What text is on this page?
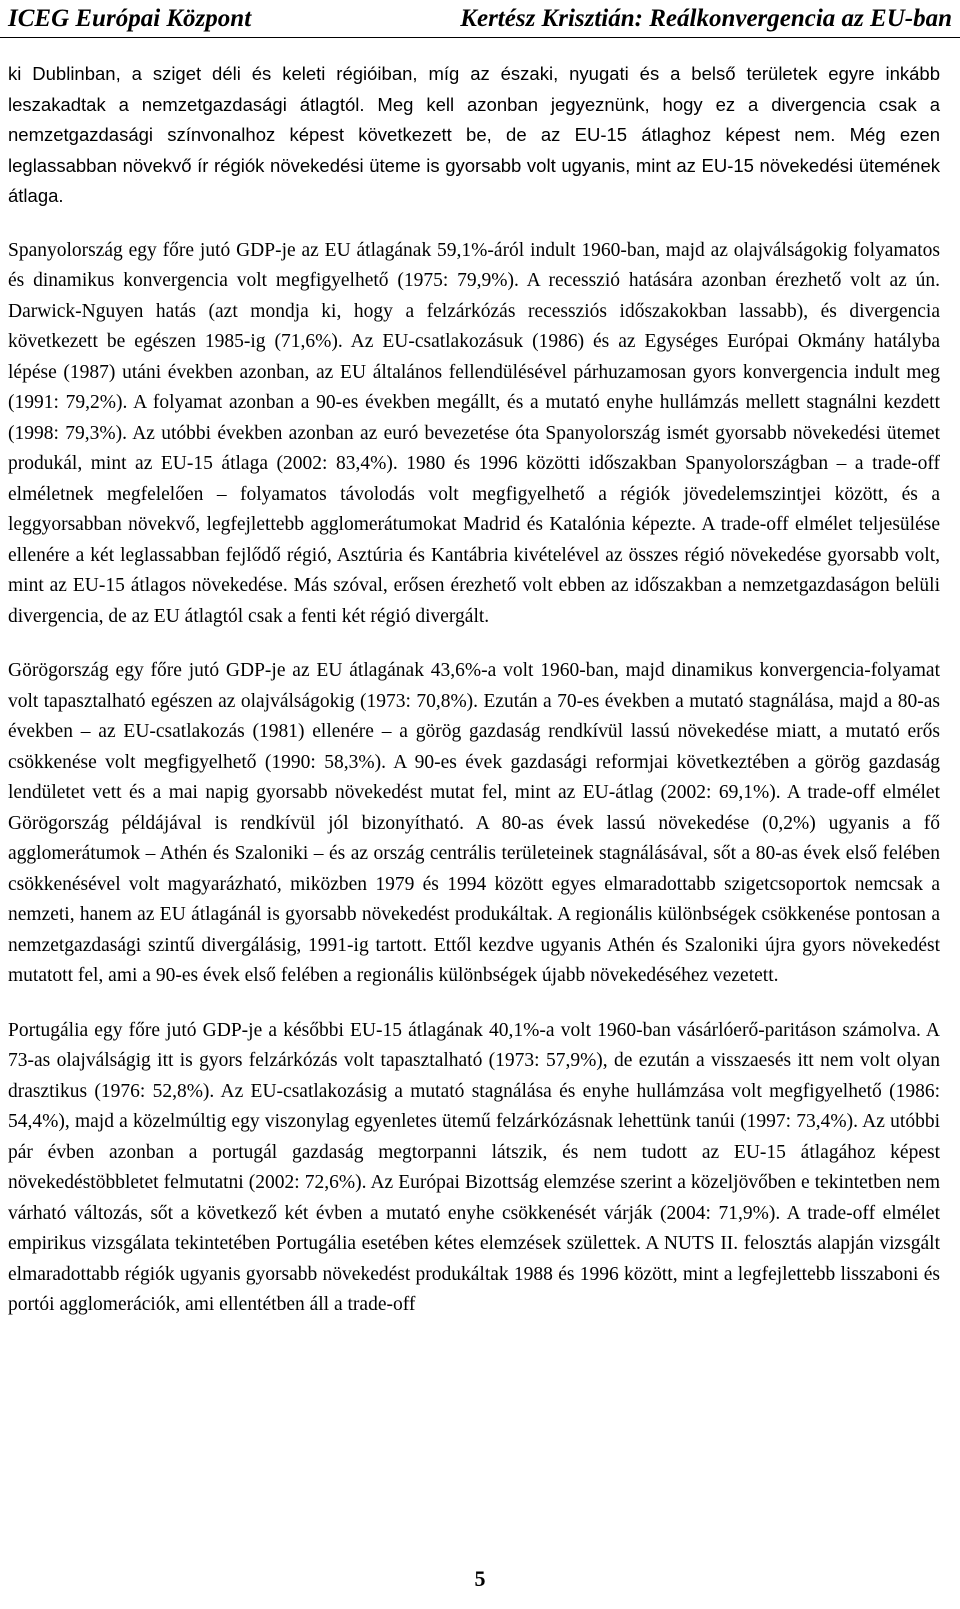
ICEG Európai Központ	Kertész Krisztián: Reálkonvergencia az EU-ban

ki Dublinban, a sziget déli és keleti régióiban, míg az északi, nyugati és a belső területek egyre inkább leszakadtak a nemzetgazdasági átlagtól. Meg kell azonban jegyeznünk, hogy ez a divergencia csak a nemzetgazdasági színvonalhoz képest következett be, de az EU-15 átlaghoz képest nem. Még ezen leglassabban növekvő ír régiók növekedési üteme is gyorsabb volt ugyanis, mint az EU-15 növekedési ütemének átlaga.

Spanyolország egy főre jutó GDP-je az EU átlagának 59,1%-áról indult 1960-ban, majd az olajválságokig folyamatos és dinamikus konvergencia volt megfigyelhető (1975: 79,9%). A recesszió hatására azonban érezhető volt az ún. Darwick-Nguyen hatás (azt mondja ki, hogy a felzárkózás recessziós időszakokban lassabb), és divergencia következett be egészen 1985-ig (71,6%). Az EU-csatlakozásuk (1986) és az Egységes Európai Okmány hatályba lépése (1987) utáni években azonban, az EU általános fellendülésével párhuzamosan gyors konvergencia indult meg (1991: 79,2%). A folyamat azonban a 90-es években megállt, és a mutató enyhe hullámzás mellett stagnálni kezdett (1998: 79,3%). Az utóbbi években azonban az euró bevezetése óta Spanyolország ismét gyorsabb növekedési ütemet produkál, mint az EU-15 átlaga (2002: 83,4%). 1980 és 1996 közötti időszakban Spanyolországban – a trade-off elméletnek megfelelően – folyamatos távolodás volt megfigyelhető a régiók jövedelemszintjei között, és a leggyorsabban növekvő, legfejlettebb agglomerátumokat Madrid és Katalónia képezte. A trade-off elmélet teljesülése ellenére a két leglassabban fejlődő régió, Asztúria és Kantábria kivételével az összes régió növekedése gyorsabb volt, mint az EU-15 átlagos növekedése. Más szóval, erősen érezhető volt ebben az időszakban a nemzetgazdaságon belüli divergencia, de az EU átlagtól csak a fenti két régió divergált.

Görögország egy főre jutó GDP-je az EU átlagának 43,6%-a volt 1960-ban, majd dinamikus konvergencia-folyamat volt tapasztalható egészen az olajválságokig (1973: 70,8%). Ezután a 70-es években a mutató stagnálása, majd a 80-as években – az EU-csatlakozás (1981) ellenére – a görög gazdaság rendkívül lassú növekedése miatt, a mutató erős csökkenése volt megfigyelhető (1990: 58,3%). A 90-es évek gazdasági reformjai következtében a görög gazdaság lendületet vett és a mai napig gyorsabb növekedést mutat fel, mint az EU-átlag (2002: 69,1%). A trade-off elmélet Görögország példájával is rendkívül jól bizonyítható. A 80-as évek lassú növekedése (0,2%) ugyanis a fő agglomerátumok – Athén és Szaloniki – és az ország centrális területeinek stagnálásával, sőt a 80-as évek első felében csökkenésével volt magyarázható, miközben 1979 és 1994 között egyes elmaradottabb szigetcsoportok nemcsak a nemzeti, hanem az EU átlagánál is gyorsabb növekedést produkáltak. A regionális különbségek csökkenése pontosan a nemzetgazdasági szintű divergálásig, 1991-ig tartott. Ettől kezdve ugyanis Athén és Szaloniki újra gyors növekedést mutatott fel, ami a 90-es évek első felében a regionális különbségek újabb növekedéséhez vezetett.

Portugália egy főre jutó GDP-je a későbbi EU-15 átlagának 40,1%-a volt 1960-ban vásárlóerő-paritáson számolva. A 73-as olajválságig itt is gyors felzárkózás volt tapasztalható (1973: 57,9%), de ezután a visszaesés itt nem volt olyan drasztikus (1976: 52,8%). Az EU-csatlakozásig a mutató stagnálása és enyhe hullámzása volt megfigyelhető (1986: 54,4%), majd a közelmúltig egy viszonylag egyenletes ütemű felzárkózásnak lehettünk tanúi (1997: 73,4%). Az utóbbi pár évben azonban a portugál gazdaság megtorpanni látszik, és nem tudott az EU-15 átlagához képest növekedéstöbbletet felmutatni (2002: 72,6%). Az Európai Bizottság elemzése szerint a közeljövőben e tekintetben nem várható változás, sőt a következő két évben a mutató enyhe csökkenését várják (2004: 71,9%). A trade-off elmélet empirikus vizsgálata tekintetében Portugália esetében kétes elemzések születtek. A NUTS II. felosztás alapján vizsgált elmaradottabb régiók ugyanis gyorsabb növekedést produkáltak 1988 és 1996 között, mint a legfejlettebb lisszaboni és portói agglomerációk, ami ellentétben áll a trade-off

5
